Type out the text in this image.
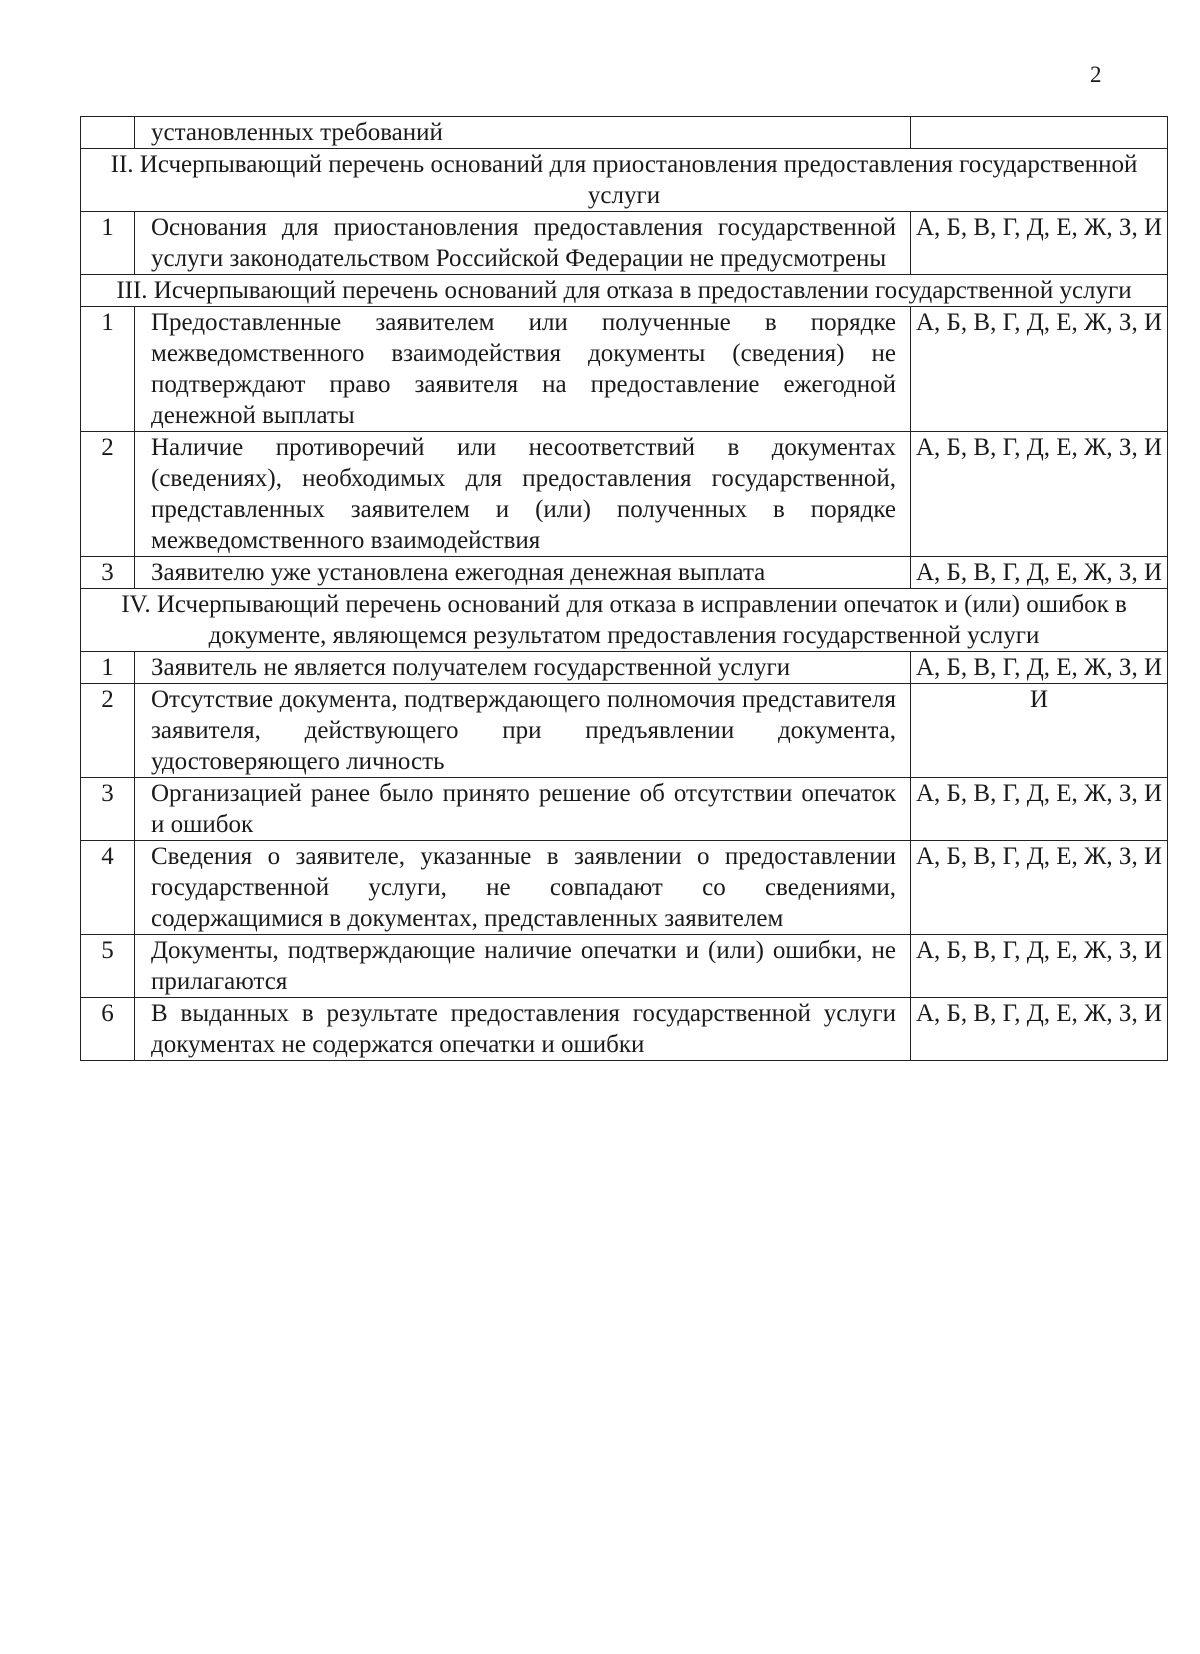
2
	установленных требований	
II. Исчерпывающий перечень оснований для приостановления предоставления государственной услуги		
1	Основания для приостановления предоставления государственной услуги законодательством Российской Федерации не предусмотрены	А, Б, В, Г, Д, Е, Ж, З, И
III. Исчерпывающий перечень оснований для отказа в предоставлении государственной услуги		
1	Предоставленные заявителем или полученные в порядке межведомственного взаимодействия документы (сведения) не подтверждают право заявителя на предоставление ежегодной денежной выплаты	А, Б, В, Г, Д, Е, Ж, З, И
2	Наличие противоречий или несоответствий в документах (сведениях), необходимых для предоставления государственной, представленных заявителем и (или) полученных в порядке межведомственного взаимодействия	А, Б, В, Г, Д, Е, Ж, З, И
3	Заявителю уже установлена ежегодная денежная выплата	А, Б, В, Г, Д, Е, Ж, З, И
IV. Исчерпывающий перечень оснований для отказа в исправлении опечаток и (или) ошибок в документе, являющемся результатом предоставления государственной услуги		
1	Заявитель не является получателем государственной услуги	А, Б, В, Г, Д, Е, Ж, З, И
2	Отсутствие документа, подтверждающего полномочия представителя заявителя, действующего при предъявлении документа, удостоверяющего личность	И
3	Организацией ранее было принято решение об отсутствии опечаток и ошибок	А, Б, В, Г, Д, Е, Ж, З, И
4	Сведения о заявителе, указанные в заявлении о предоставлении государственной услуги, не совпадают со сведениями, содержащимися в документах, представленных заявителем	А, Б, В, Г, Д, Е, Ж, З, И
5	Документы, подтверждающие наличие опечатки и (или) ошибки, не прилагаются	А, Б, В, Г, Д, Е, Ж, З, И
6	В выданных в результате предоставления государственной услуги документах не содержатся опечатки и ошибки	А, Б, В, Г, Д, Е, Ж, З, И
